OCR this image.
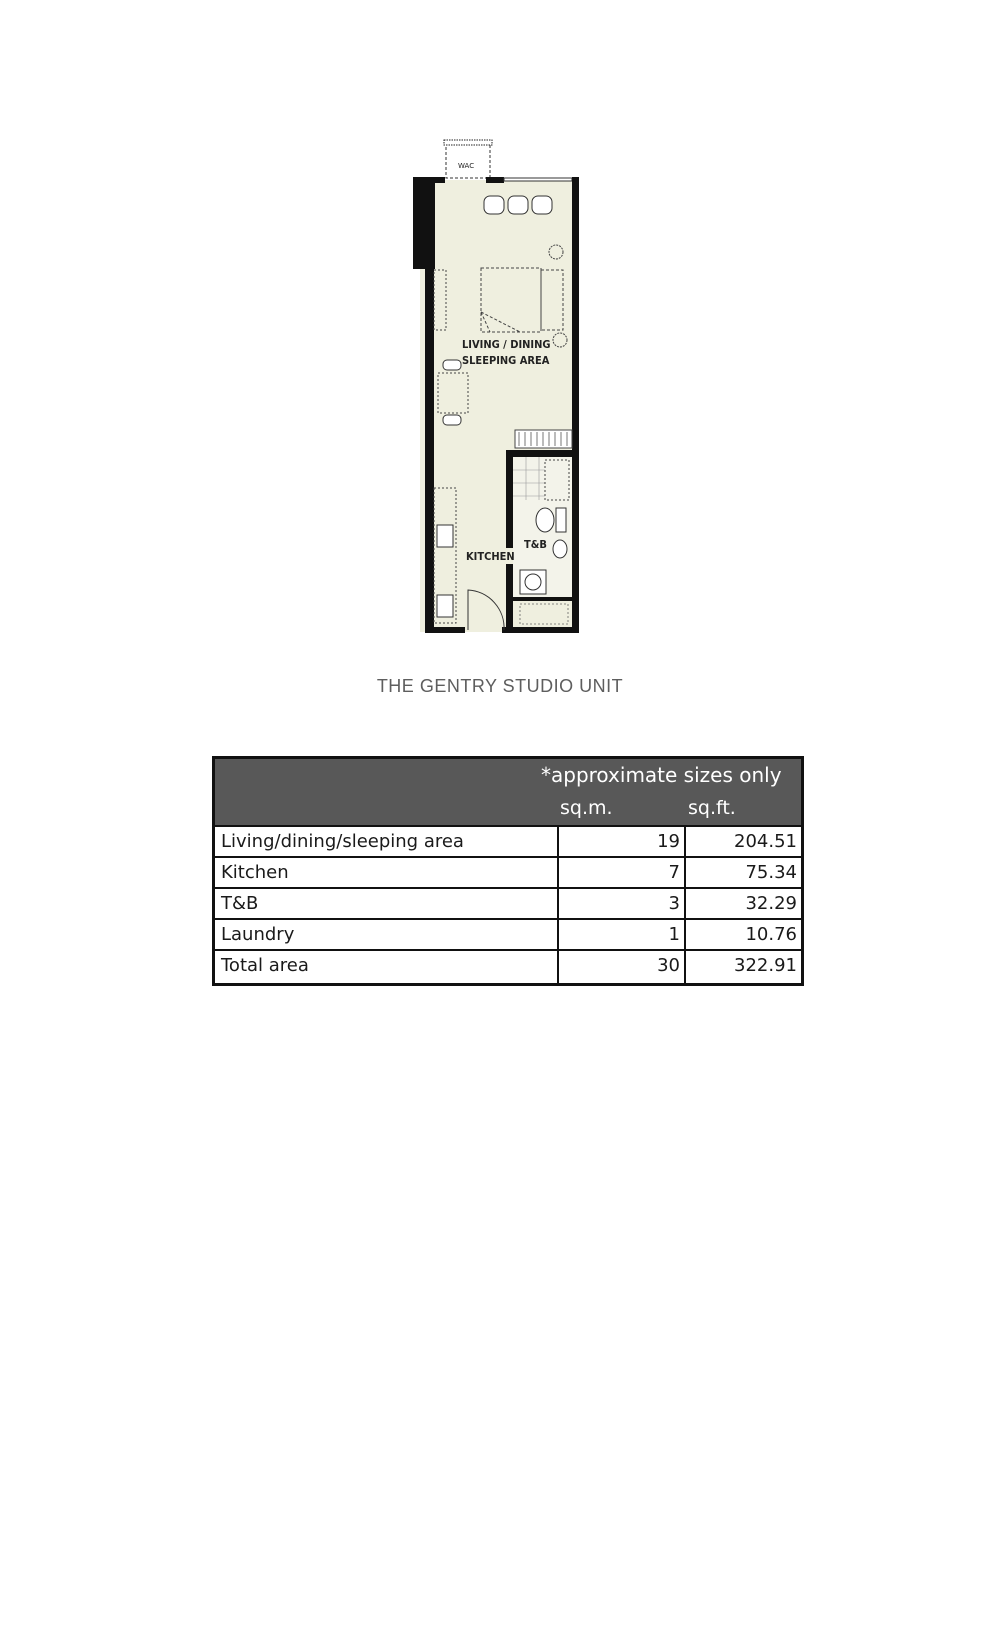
WAC
LIVING / DINING
SLEEPING AREA
T&B
KITCHEN
THE GENTRY STUDIO UNIT
*approximate sizes only
sq.m.	sq.ft.
Living/dining/sleeping area	19	204.51
Kitchen	7	75.34
T&B	3	32.29
Laundry	1	10.76
Total area	30	322.91
